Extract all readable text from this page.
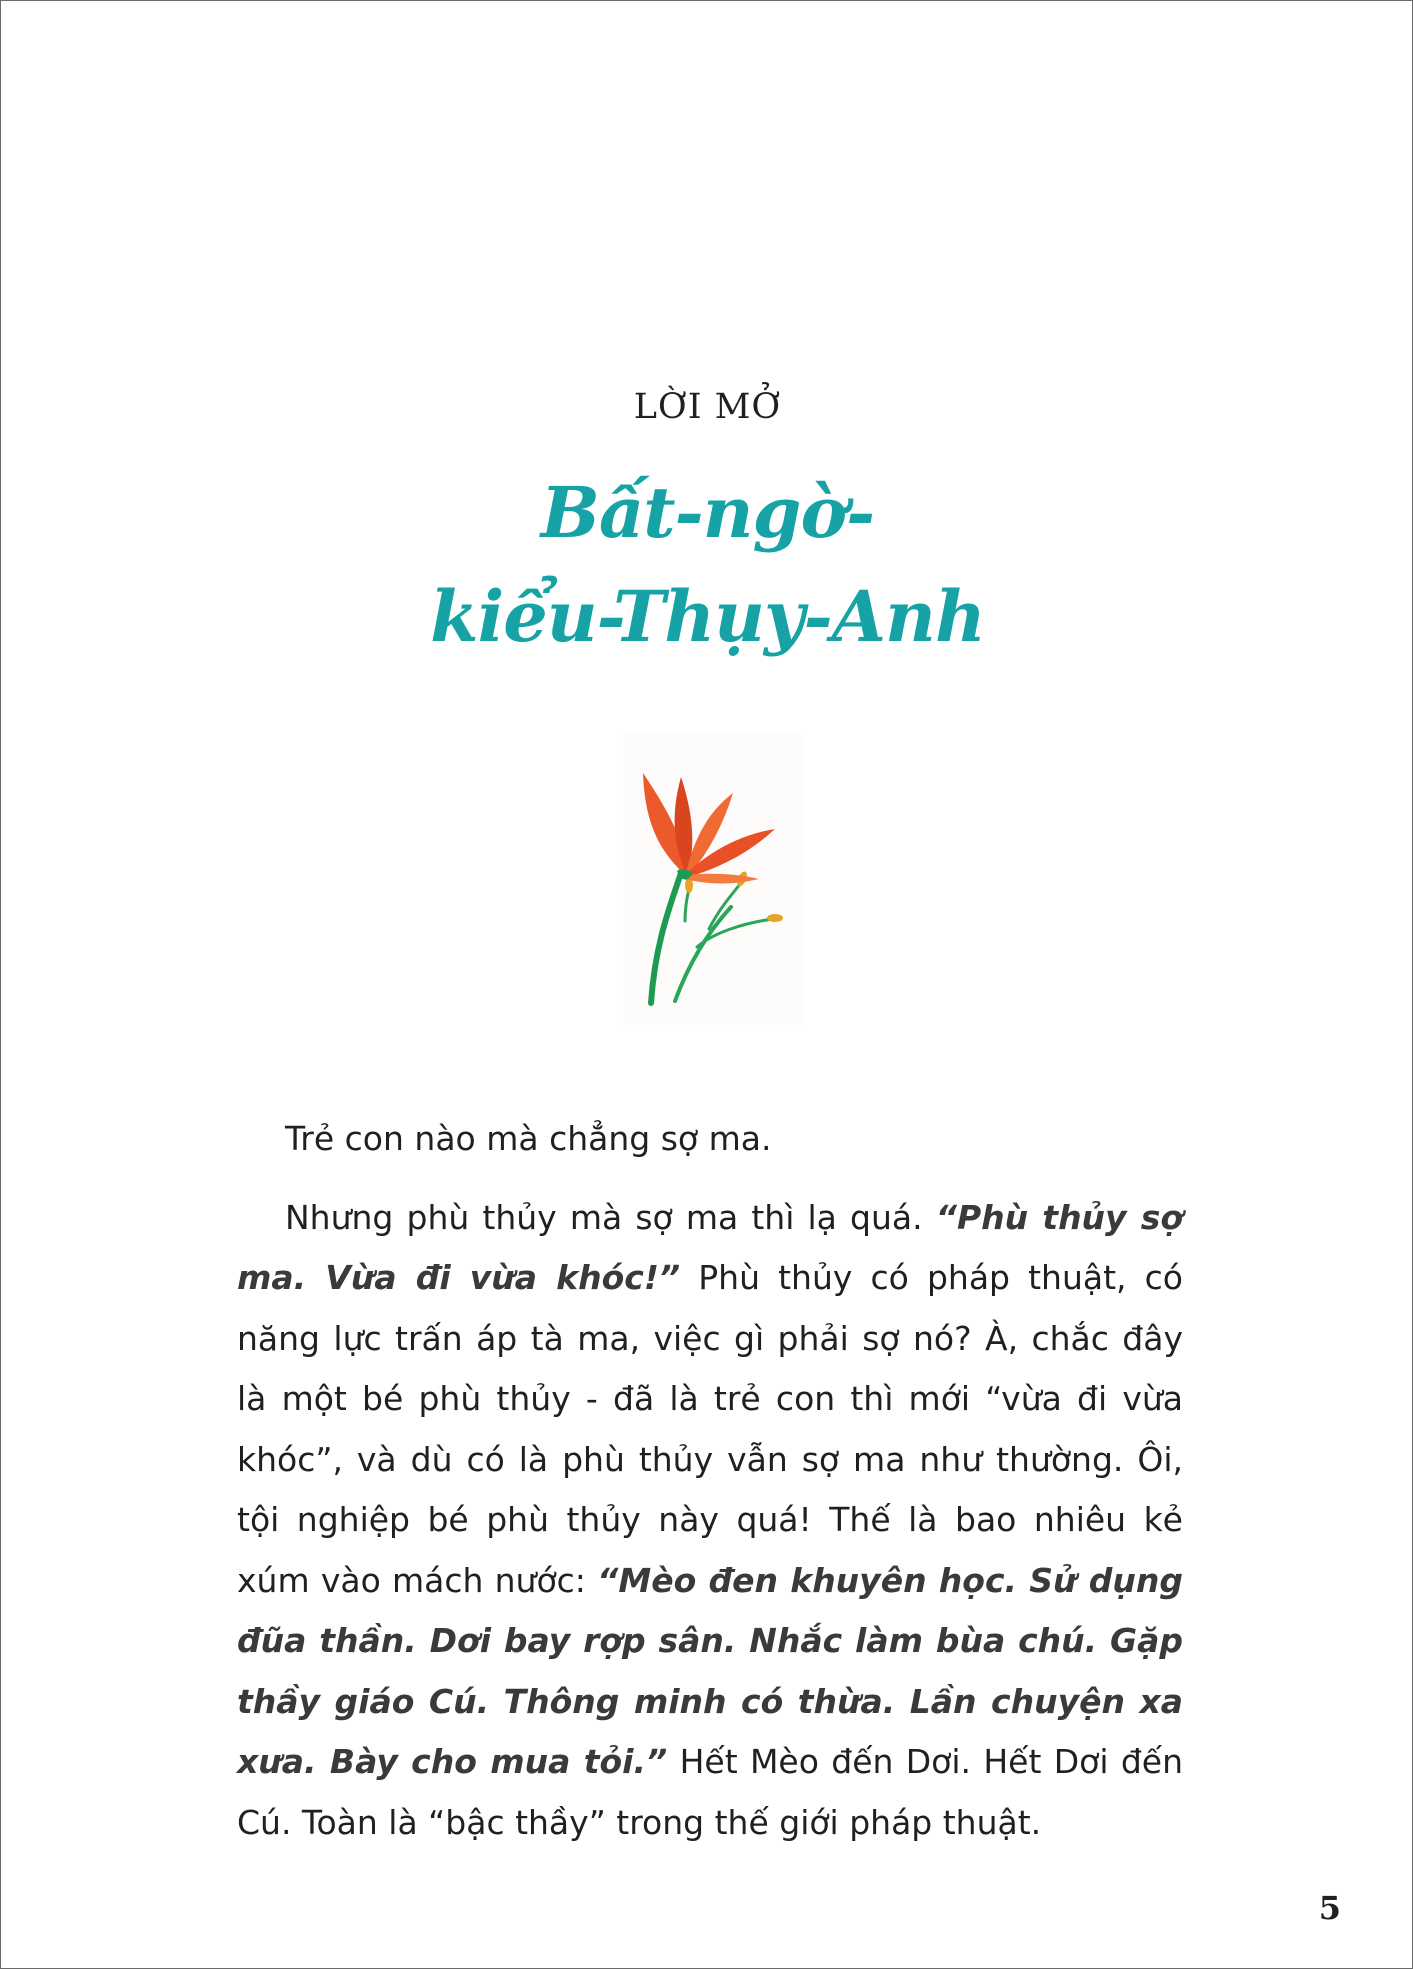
LỜI MỞ
Bất-ngờ-
kiểu-Thụy-Anh

Trẻ con nào mà chẳng sợ ma.

Nhưng phù thủy mà sợ ma thì lạ quá. “Phù thủy sợ ma. Vừa đi vừa khóc!” Phù thủy có pháp thuật, có năng lực trấn áp tà ma, việc gì phải sợ nó? À, chắc đây là một bé phù thủy - đã là trẻ con thì mới “vừa đi vừa khóc”, và dù có là phù thủy vẫn sợ ma như thường. Ôi, tội nghiệp bé phù thủy này quá! Thế là bao nhiêu kẻ xúm vào mách nước: “Mèo đen khuyên học. Sử dụng đũa thần. Dơi bay rợp sân. Nhắc làm bùa chú. Gặp thầy giáo Cú. Thông minh có thừa. Lần chuyện xa xưa. Bày cho mua tỏi.” Hết Mèo đến Dơi. Hết Dơi đến Cú. Toàn là “bậc thầy” trong thế giới pháp thuật.

5
